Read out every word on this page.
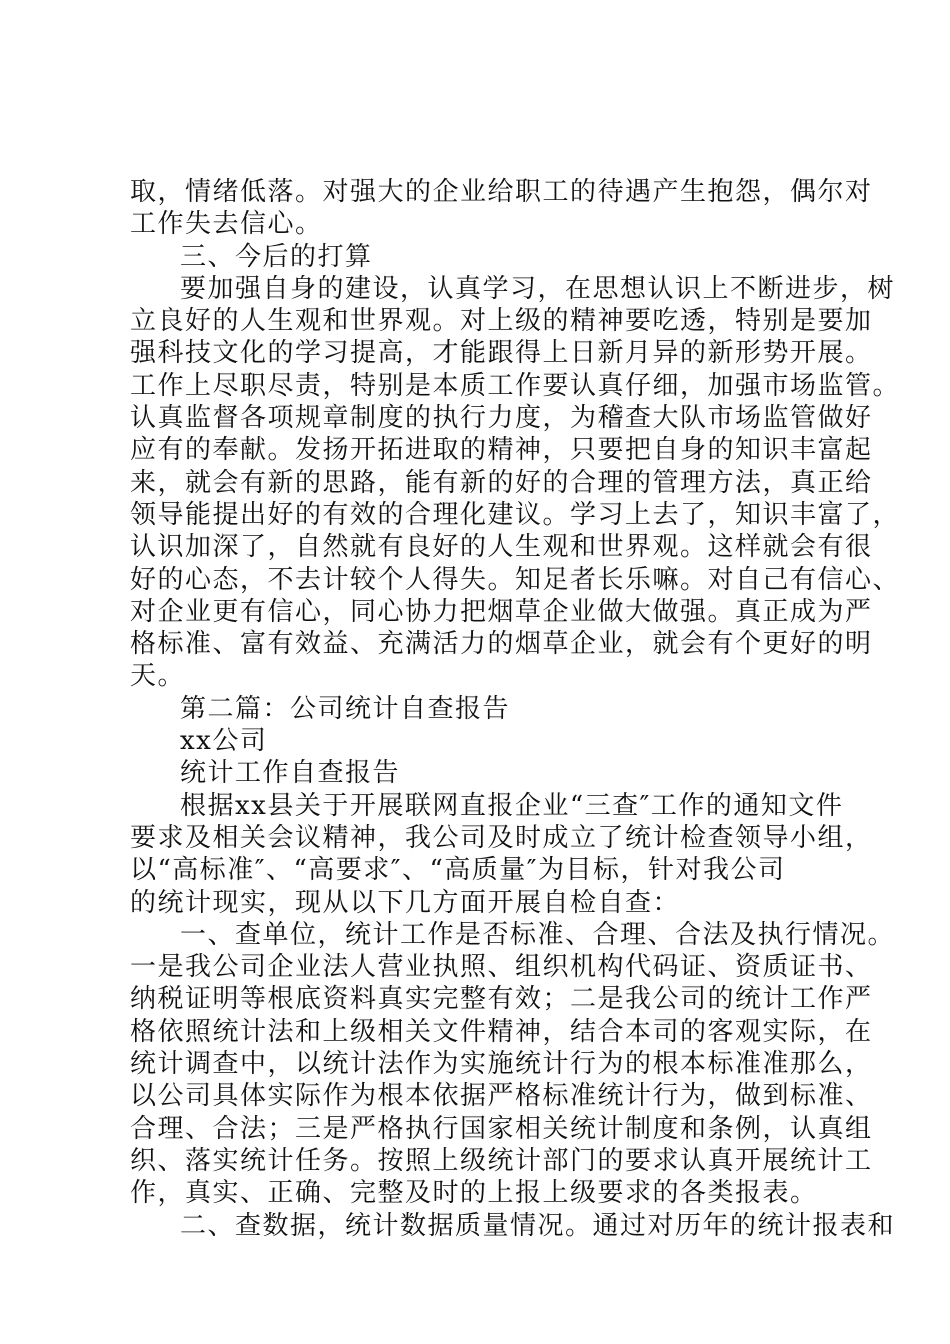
取，情绪低落。对强大的企业给职工的待遇产生抱怨，偶尔对
工作失去信心。
三、今后的打算
要加强自身的建设，认真学习，在思想认识上不断进步，树
立良好的人生观和世界观。对上级的精神要吃透，特别是要加
强科技文化的学习提高，才能跟得上日新月异的新形势开展。
工作上尽职尽责，特别是本质工作要认真仔细，加强市场监管。
认真监督各项规章制度的执行力度，为稽查大队市场监管做好
应有的奉献。发扬开拓进取的精神，只要把自身的知识丰富起
来，就会有新的思路，能有新的好的合理的管理方法，真正给
领导能提出好的有效的合理化建议。学习上去了，知识丰富了，
认识加深了，自然就有良好的人生观和世界观。这样就会有很
好的心态，不去计较个人得失。知足者长乐嘛。对自己有信心、
对企业更有信心，同心协力把烟草企业做大做强。真正成为严
格标准、富有效益、充满活力的烟草企业，就会有个更好的明
天。
第二篇：公司统计自查报告
xx公司
统计工作自查报告
根据xx县关于开展联网直报企业“三查″工作的通知文件
要求及相关会议精神，我公司及时成立了统计检查领导小组，
以“高标准″、“高要求″、“高质量″为目标，针对我公司
的统计现实，现从以下几方面开展自检自查：
一、查单位，统计工作是否标准、合理、合法及执行情况。
一是我公司企业法人营业执照、组织机构代码证、资质证书、
纳税证明等根底资料真实完整有效；二是我公司的统计工作严
格依照统计法和上级相关文件精神，结合本司的客观实际，在
统计调查中，以统计法作为实施统计行为的根本标准准那么，
以公司具体实际作为根本依据严格标准统计行为，做到标准、
合理、合法；三是严格执行国家相关统计制度和条例，认真组
织、落实统计任务。按照上级统计部门的要求认真开展统计工
作，真实、正确、完整及时的上报上级要求的各类报表。
二、查数据，统计数据质量情况。通过对历年的统计报表和
